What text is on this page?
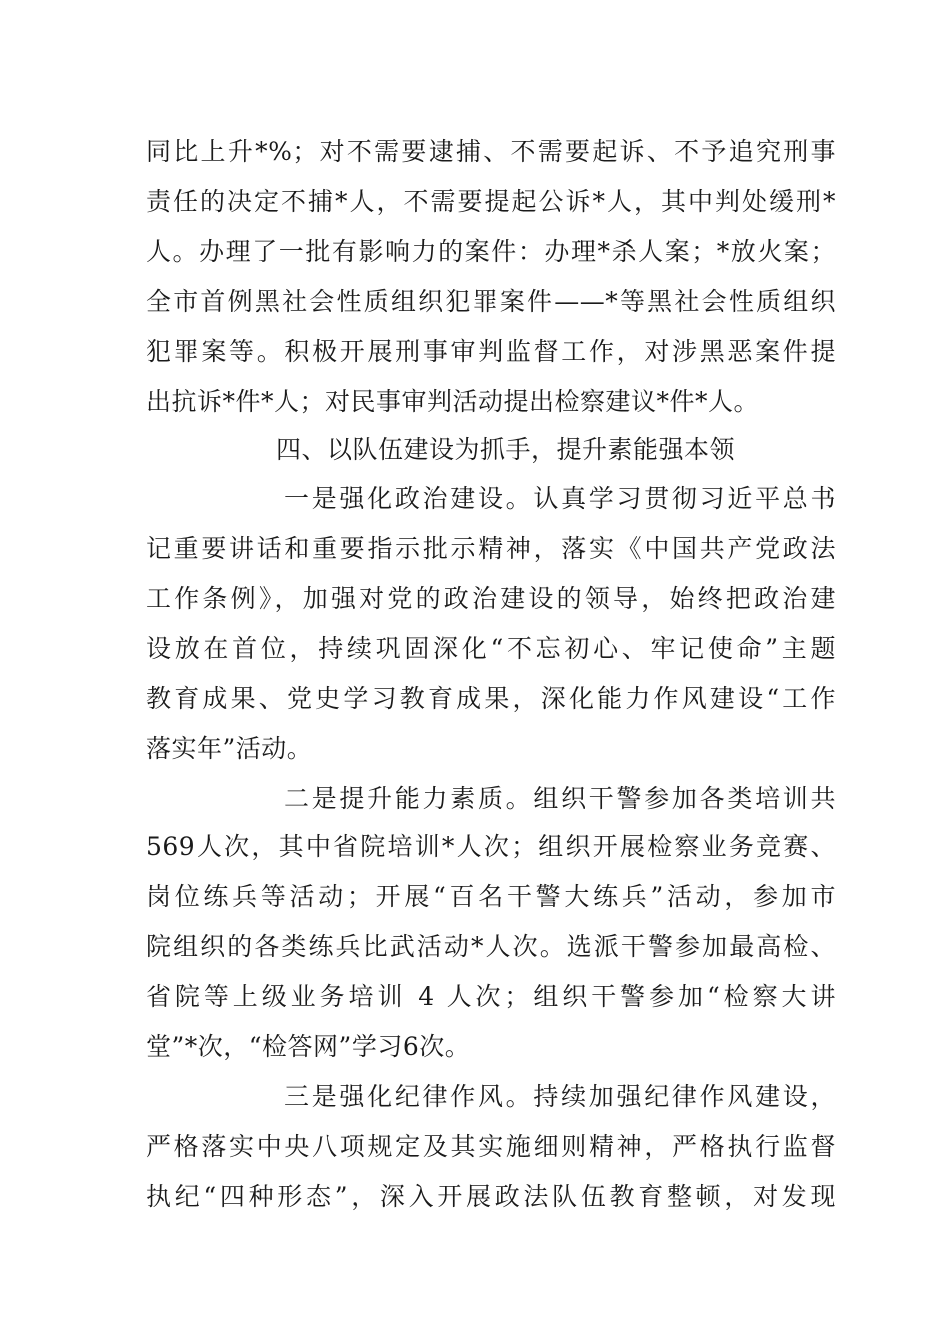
同比上升*%；对不需要逮捕、不需要起诉、不予追究刑事
责任的决定不捕*人，不需要提起公诉*人，其中判处缓刑*
人。办理了一批有影响力的案件：办理*杀人案；*放火案；
全市首例黑社会性质组织犯罪案件——*等黑社会性质组织
犯罪案等。积极开展刑事审判监督工作，对涉黑恶案件提
出抗诉*件*人；对民事审判活动提出检察建议*件*人。
四、以队伍建设为抓手，提升素能强本领
一是强化政治建设。认真学习贯彻习近平总书
记重要讲话和重要指示批示精神，落实《中国共产党政法
工作条例》，加强对党的政治建设的领导，始终把政治建
设放在首位，持续巩固深化“不忘初心、牢记使命”主题
教育成果、党史学习教育成果，深化能力作风建设“工作
落实年”活动。
二是提升能力素质。组织干警参加各类培训共
569人次，其中省院培训*人次；组织开展检察业务竞赛、
岗位练兵等活动；开展“百名干警大练兵”活动，参加市
院组织的各类练兵比武活动*人次。选派干警参加最高检、
省院等上级业务培训 4 人次；组织干警参加“检察大讲
堂”*次，“检答网”学习6次。
三是强化纪律作风。持续加强纪律作风建设，
严格落实中央八项规定及其实施细则精神，严格执行监督
执纪“四种形态”，深入开展政法队伍教育整顿，对发现
